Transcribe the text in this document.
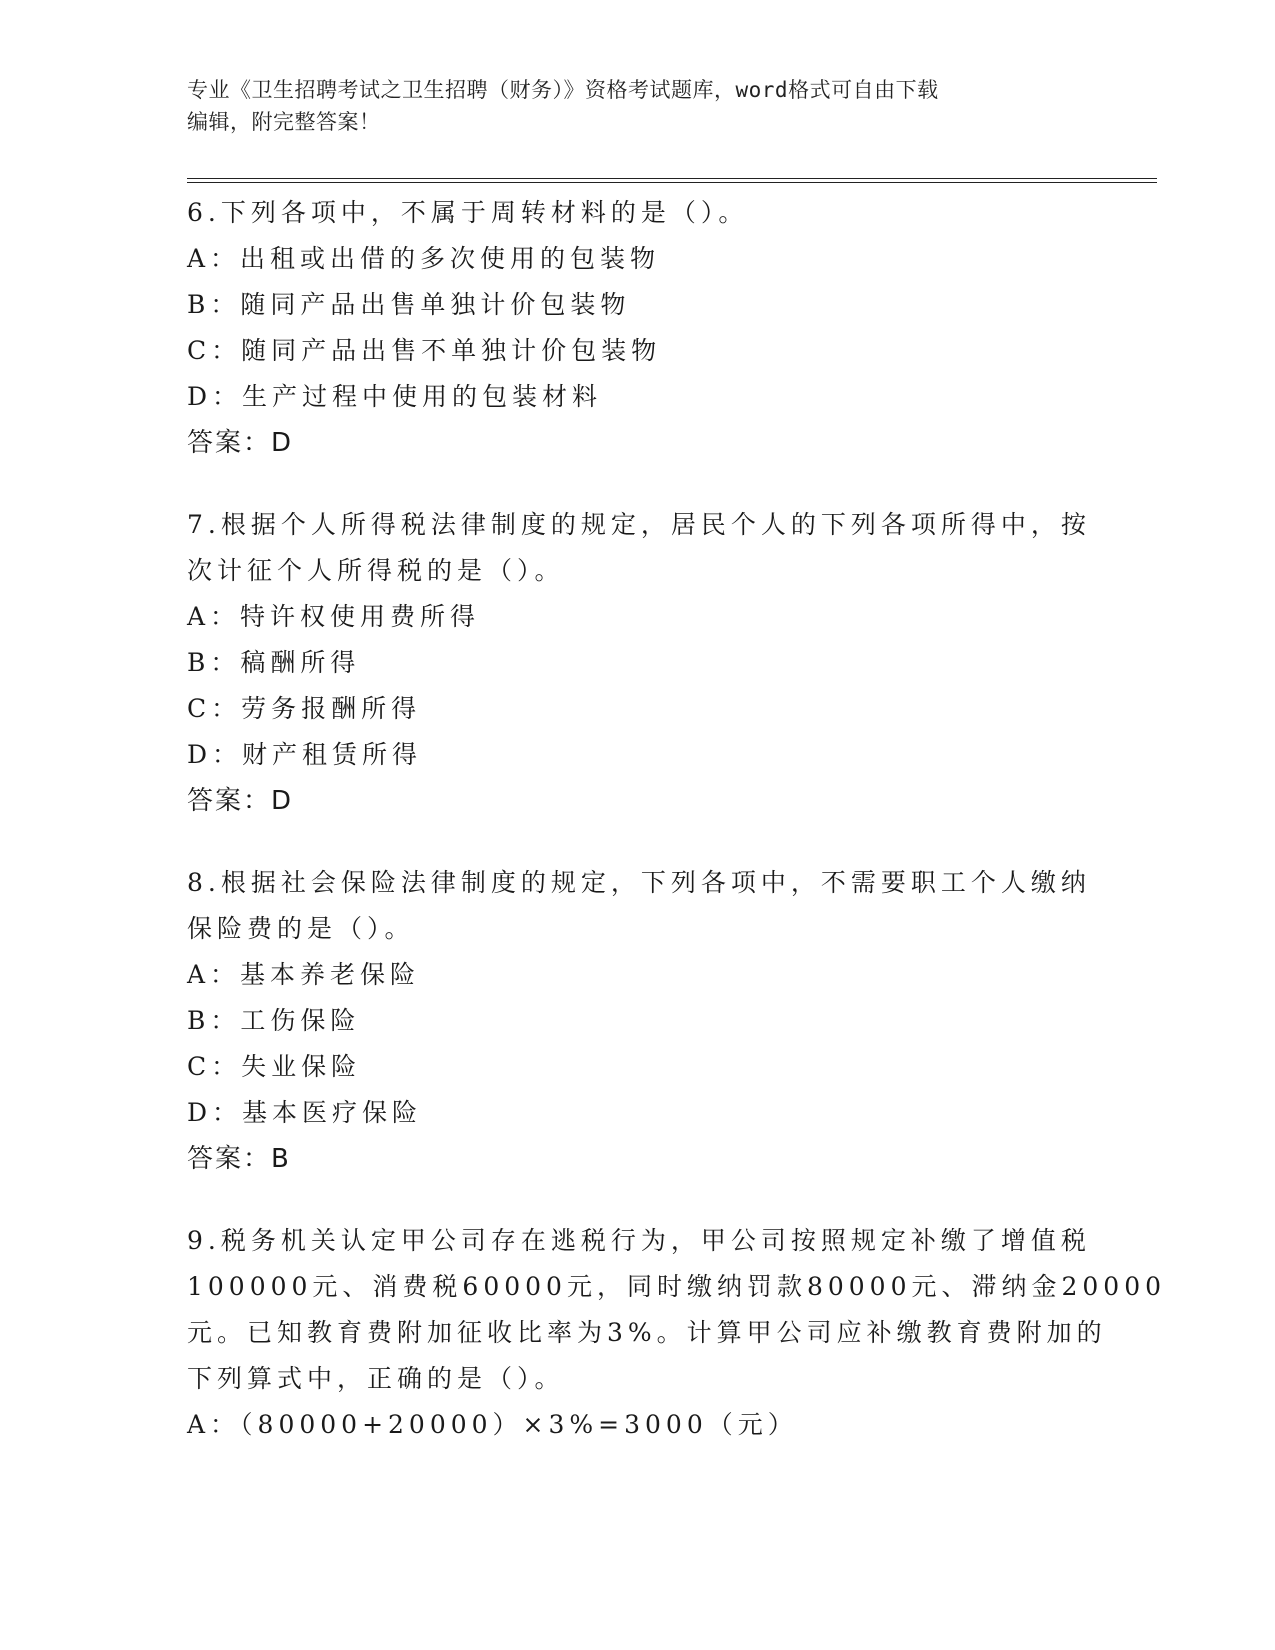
专业《卫生招聘考试之卫生招聘（财务）》资格考试题库，word格式可自由下载
编辑，附完整答案！
6.下列各项中，不属于周转材料的是（）。
A：出租或出借的多次使用的包装物
B：随同产品出售单独计价包装物
C：随同产品出售不单独计价包装物
D：生产过程中使用的包装材料
答案：D
7.根据个人所得税法律制度的规定，居民个人的下列各项所得中，按
次计征个人所得税的是（）。
A：特许权使用费所得
B：稿酬所得
C：劳务报酬所得
D：财产租赁所得
答案：D
8.根据社会保险法律制度的规定，下列各项中，不需要职工个人缴纳
保险费的是（）。
A：基本养老保险
B：工伤保险
C：失业保险
D：基本医疗保险
答案：B
9.税务机关认定甲公司存在逃税行为，甲公司按照规定补缴了增值税
100000元、消费税60000元，同时缴纳罚款80000元、滞纳金20000
元。已知教育费附加征收比率为3%。计算甲公司应补缴教育费附加的
下列算式中，正确的是（）。
A：（80000+20000）×3%=3000（元）
